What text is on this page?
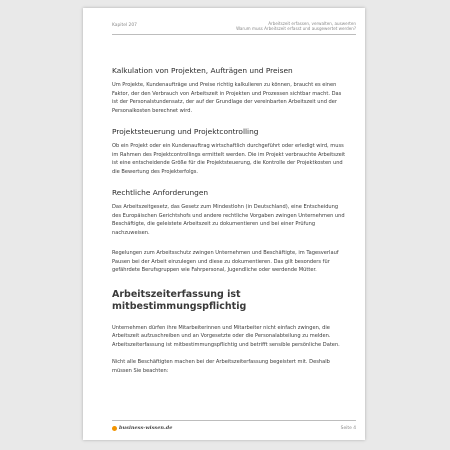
Kapitel 207	Arbeitszeit erfassen, verwalten, auswerten
Warum muss Arbeitszeit erfasst und ausgewertet werden?
Kalkulation von Projekten, Aufträgen und Preisen

Um Projekte, Kundenaufträge und Preise richtig kalkulieren zu können, braucht es einen Faktor, der den Verbrauch von Arbeitszeit in Projekten und Prozessen sichtbar macht. Das ist der Personalstundensatz, der auf der Grundlage der vereinbarten Arbeitszeit und der Personalkosten berechnet wird.

Projektsteuerung und Projektcontrolling

Ob ein Projekt oder ein Kundenauftrag wirtschaftlich durchgeführt oder erledigt wird, muss im Rahmen des Projektcontrollings ermittelt werden. Die im Projekt verbrauchte Arbeitszeit ist eine entscheidende Größe für die Projektsteuerung, die Kontrolle der Projektkosten und die Bewertung des Projekterfolgs.

Rechtliche Anforderungen

Das Arbeitszeitgesetz, das Gesetz zum Mindestlohn (in Deutschland), eine Entscheidung des Europäischen Gerichtshofs und andere rechtliche Vorgaben zwingen Unternehmen und Beschäftigte, die geleistete Arbeitszeit zu dokumentieren und bei einer Prüfung nachzuweisen.

Regelungen zum Arbeitsschutz zwingen Unternehmen und Beschäftigte, im Tagesverlauf Pausen bei der Arbeit einzulegen und diese zu dokumentieren. Das gilt besonders für gefährdete Berufsgruppen wie Fahrpersonal, Jugendliche oder werdende Mütter.

Arbeitszeiterfassung ist mitbestimmungspflichtig

Unternehmen dürfen ihre Mitarbeiterinnen und Mitarbeiter nicht einfach zwingen, die Arbeitszeit aufzuschreiben und an Vorgesetzte oder die Personalabteilung zu melden. Arbeitszeiterfassung ist mitbestimmungspflichtig und betrifft sensible persönliche Daten.

Nicht alle Beschäftigten machen bei der Arbeitszeiterfassung begeistert mit. Deshalb müssen Sie beachten:

business-wissen.de	Seite 4
